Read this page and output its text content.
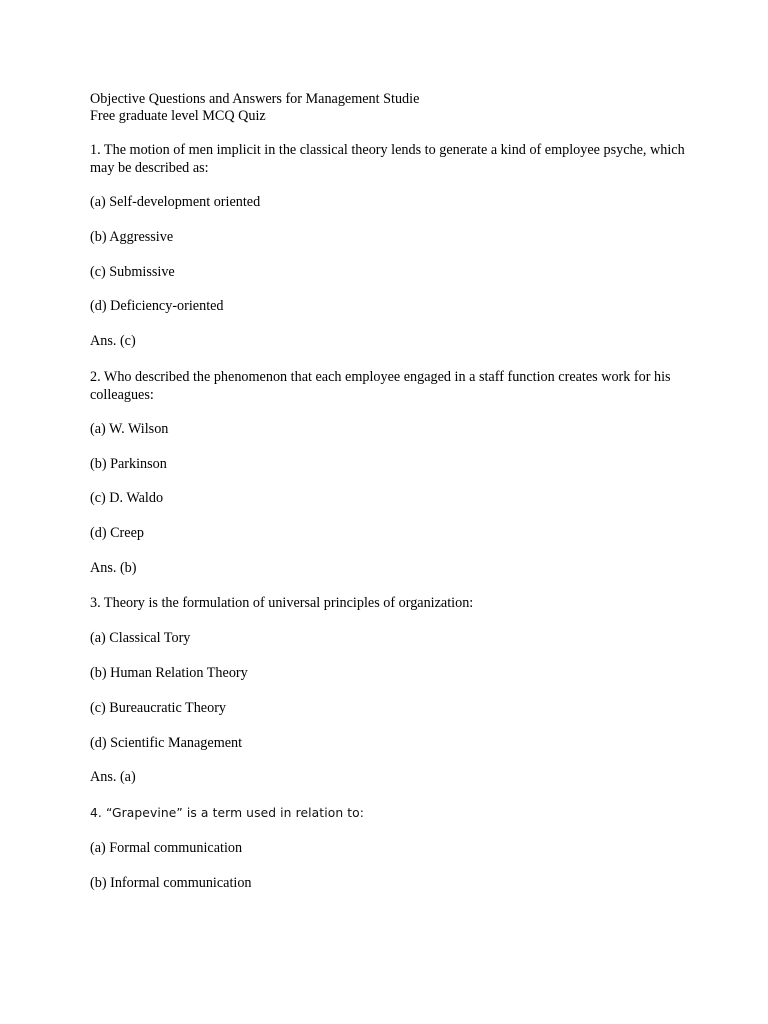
Objective Questions and Answers for Management Studie

Free graduate level MCQ Quiz

1. The motion of men implicit in the classical theory lends to generate a kind of employee psyche, which may be described as:

(a) Self-development oriented

(b) Aggressive

(c) Submissive

(d) Deficiency-oriented

Ans. (c)

2. Who described the phenomenon that each employee engaged in a staff function creates work for his colleagues:

(a) W. Wilson

(b) Parkinson

(c) D. Waldo

(d) Creep

Ans. (b)

3. Theory is the formulation of universal principles of organization:

(a) Classical Tory

(b) Human Relation Theory

(c) Bureaucratic Theory

(d) Scientific Management

Ans. (a)

4. “Grapevine” is a term used in relation to:

(a) Formal communication

(b) Informal communication
